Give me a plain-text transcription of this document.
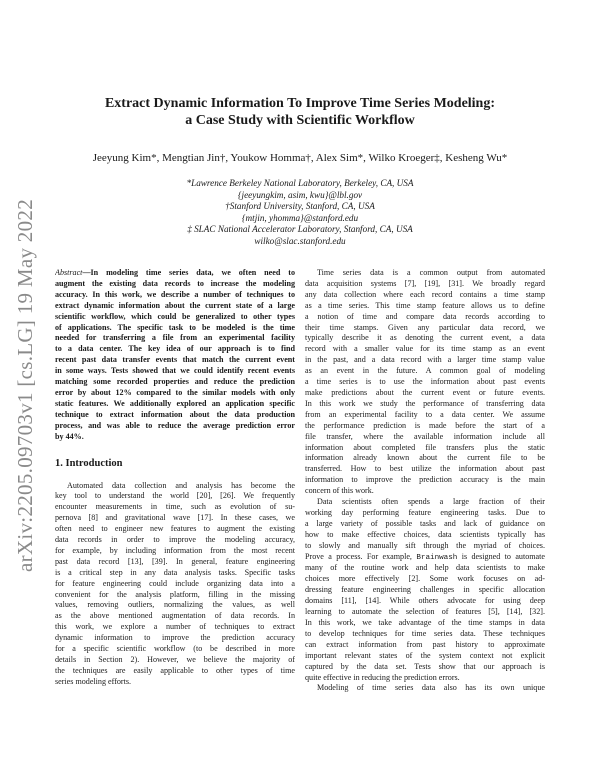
arXiv:2205.09703v1 [cs.LG] 19 May 2022
Extract Dynamic Information To Improve Time Series Modeling:
a Case Study with Scientific Workflow
Jeeyung Kim*, Mengtian Jin†, Youkow Homma†, Alex Sim*, Wilko Kroeger‡, Kesheng Wu*
*Lawrence Berkeley National Laboratory, Berkeley, CA, USA
{jeeyungkim, asim, kwu}@lbl.gov
†Stanford University, Stanford, CA, USA
{mtjin, yhomma}@stanford.edu
‡ SLAC National Accelerator Laboratory, Stanford, CA, USA
wilko@slac.stanford.edu
Abstract—In modeling time series data, we often need to
augment the existing data records to increase the modeling
accuracy. In this work, we describe a number of techniques to
extract dynamic information about the current state of a large
scientific workflow, which could be generalized to other types
of applications. The specific task to be modeled is the time
needed for transferring a file from an experimental facility
to a data center. The key idea of our approach is to find
recent past data transfer events that match the current event
in some ways. Tests showed that we could identify recent events
matching some recorded properties and reduce the prediction
error by about 12% compared to the similar models with only
static features. We additionally explored an application specific
technique to extract information about the data production
process, and was able to reduce the average prediction error
by 44%.
1. Introduction
Automated data collection and analysis has become the
key tool to understand the world [20], [26]. We frequently
encounter measurements in time, such as evolution of su-
pernova [8] and gravitational wave [17]. In these cases, we
often need to engineer new features to augment the existing
data records in order to improve the modeling accuracy,
for example, by including information from the most recent
past data record [13], [39]. In general, feature engineering
is a critical step in any data analysis tasks. Specific tasks
for feature engineering could include organizing data into a
convenient for the analysis platform, filling in the missing
values, removing outliers, normalizing the values, as well
as the above mentioned augmentation of data records. In
this work, we explore a number of techniques to extract
dynamic information to improve the prediction accuracy
for a specific scientific workflow (to be described in more
details in Section 2). However, we believe the majority of
the techniques are easily applicable to other types of time
series modeling efforts.
Time series data is a common output from automated
data acquisition systems [7], [19], [31]. We broadly regard
any data collection where each record contains a time stamp
as a time series. This time stamp feature allows us to define
a notion of time and compare data records according to
their time stamps. Given any particular data record, we
typically describe it as denoting the current event, a data
record with a smaller value for its time stamp as an event
in the past, and a data record with a larger time stamp value
as an event in the future. A common goal of modeling
a time series is to use the information about past events
make predictions about the current event or future events.
In this work we study the performance of transferring data
from an experimental facility to a data center. We assume
the performance prediction is made before the start of a
file transfer, where the available information include all
information about completed file transfers plus the static
information already known about the current file to be
transferred. How to best utilize the information about past
information to improve the prediction accuracy is the main
concern of this work.
Data scientists often spends a large fraction of their
working day performing feature engineering tasks. Due to
a large variety of possible tasks and lack of guidance on
how to make effective choices, data scientists typically has
to slowly and manually sift through the myriad of choices.
Prove a process. For example, Brainwash is designed to automate
many of the routine work and help data scientists to make
choices more effectively [2]. Some work focuses on ad-
dressing feature engineering challenges in specific allocation
domains [11], [14]. While others advocate for using deep
learning to automate the selection of features [5], [14], [32].
In this work, we take advantage of the time stamps in data
to develop techniques for time series data. These techniques
can extract information from past history to approximate
important relevant states of the system context not explicit
captured by the data set. Tests show that our approach is
quite effective in reducing the prediction errors.
Modeling of time series data also has its own unique
